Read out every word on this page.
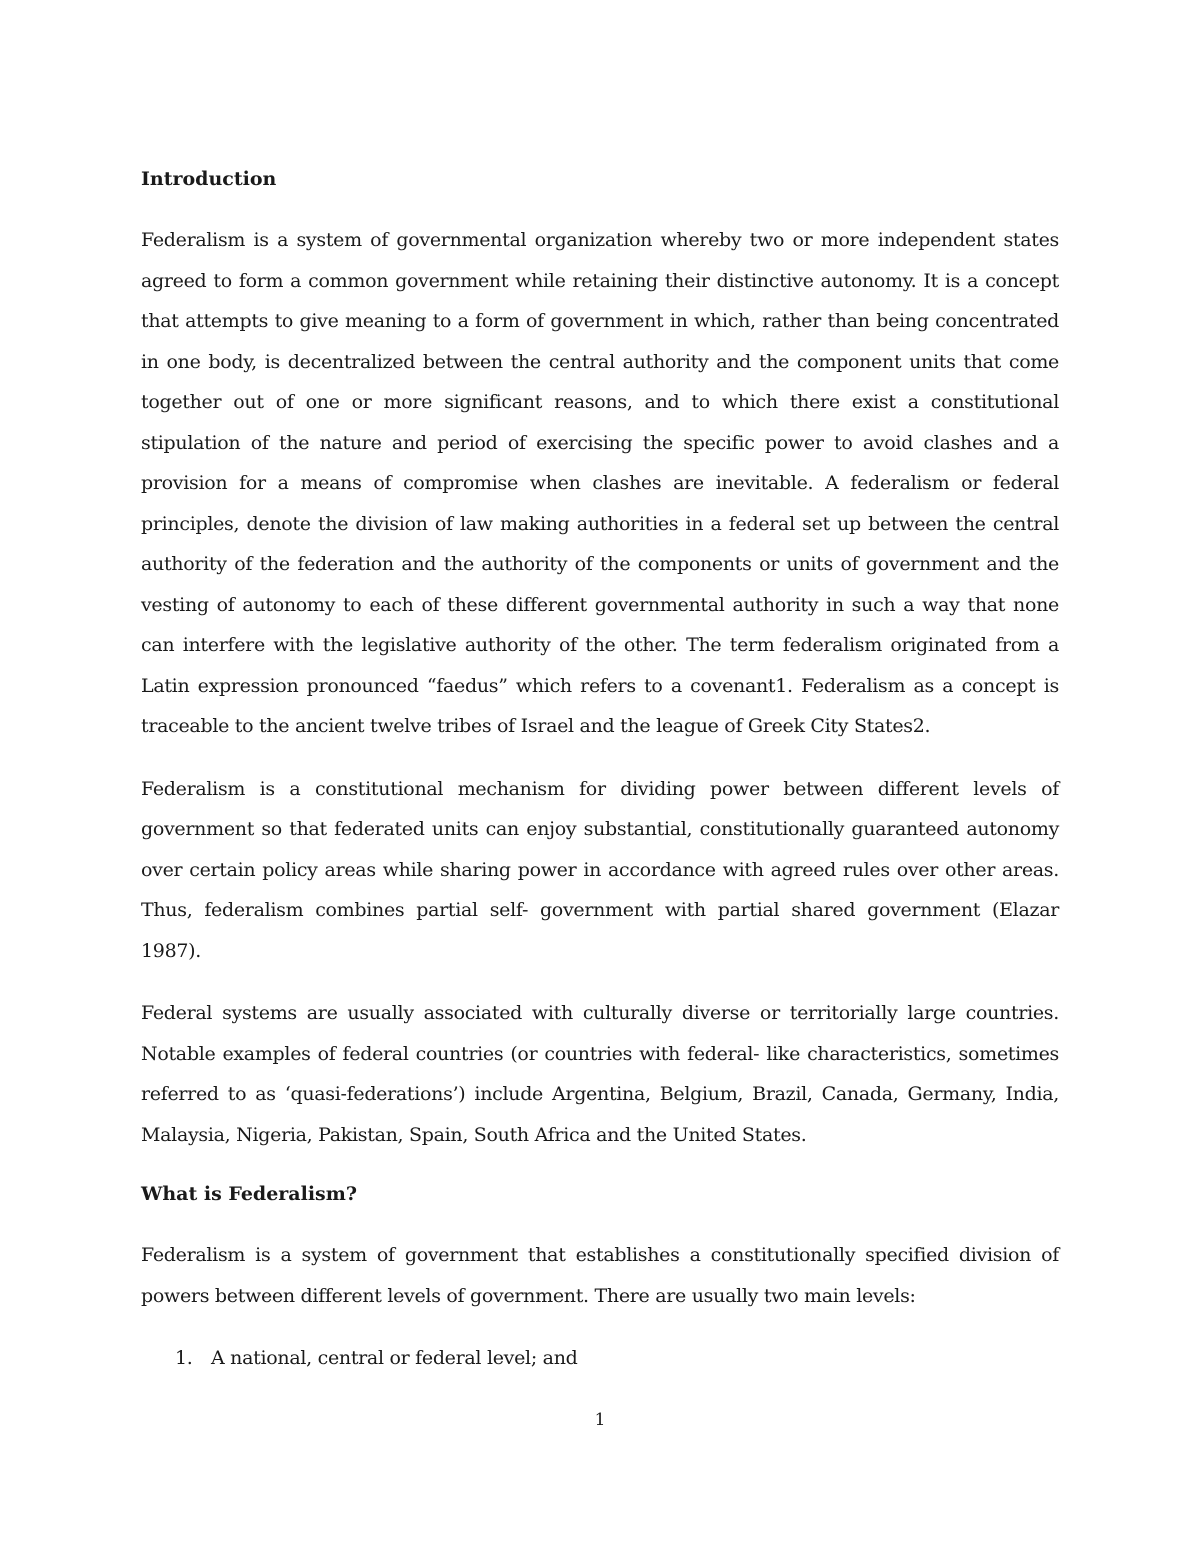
Introduction

Federalism is a system of governmental organization whereby two or more independent states agreed to form a common government while retaining their distinctive autonomy. It is a concept that attempts to give meaning to a form of government in which, rather than being concentrated in one body, is decentralized between the central authority and the component units that come together out of one or more significant reasons, and to which there exist a constitutional stipulation of the nature and period of exercising the specific power to avoid clashes and a provision for a means of compromise when clashes are inevitable. A federalism or federal principles, denote the division of law making authorities in a federal set up between the central authority of the federation and the authority of the components or units of government and the vesting of autonomy to each of these different governmental authority in such a way that none can interfere with the legislative authority of the other. The term federalism originated from a Latin expression pronounced “faedus” which refers to a covenant1. Federalism as a concept is traceable to the ancient twelve tribes of Israel and the league of Greek City States2.

Federalism is a constitutional mechanism for dividing power between different levels of government so that federated units can enjoy substantial, constitutionally guaranteed autonomy over certain policy areas while sharing power in accordance with agreed rules over other areas. Thus, federalism combines partial self- government with partial shared government (Elazar 1987).

Federal systems are usually associated with culturally diverse or territorially large countries. Notable examples of federal countries (or countries with federal- like characteristics, sometimes referred to as ‘quasi-federations’) include Argentina, Belgium, Brazil, Canada, Germany, India, Malaysia, Nigeria, Pakistan, Spain, South Africa and the United States.

What is Federalism?

Federalism is a system of government that establishes a constitutionally specified division of powers between different levels of government. There are usually two main levels:

1. A national, central or federal level; and
1
